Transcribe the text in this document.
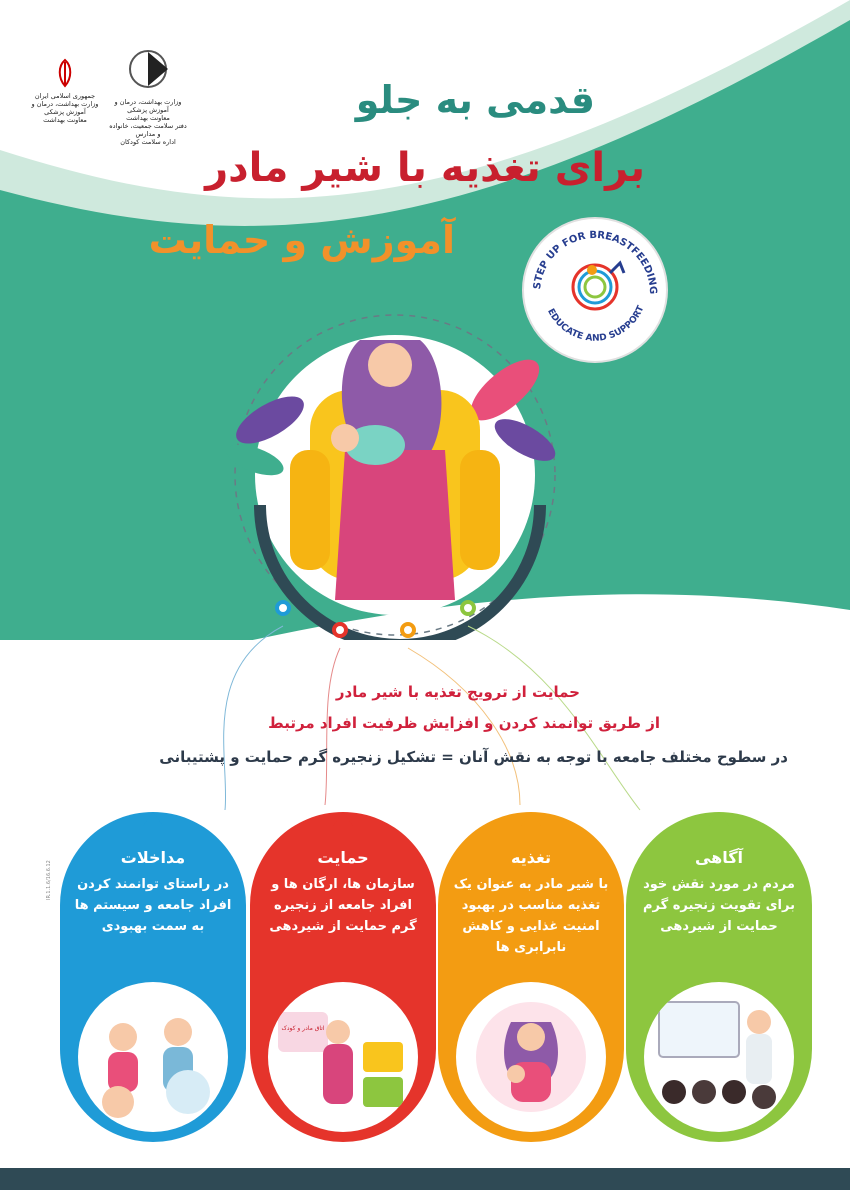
جمهوری اسلامی ایران
وزارت بهداشت، درمان و آموزش پزشکی
معاونت بهداشت
وزارت بهداشت، درمان و آموزش پزشکی
معاونت بهداشت
دفتر سلامت جمعیت، خانواده و مدارس
اداره سلامت کودکان
قدمی به جلو
برای تغذیه با شیر مادر
آموزش و حمایت
STEP UP FOR BREASTFEEDING
EDUCATE AND SUPPORT
حمایت از ترویج تغذیه با شیر مادر
از طریق توانمند کردن و افزایش ظرفیت افراد مرتبط
در سطوح مختلف جامعه با توجه به نقش آنان = تشکیل زنجیره گرم حمایت و پشتیبانی
مداخلات
در راستای توانمند کردن افراد جامعه و سیستم ها به سمت بهبودی
حمایت
سازمان ها، ارگان ها و افراد جامعه از زنجیره گرم حمایت از شیردهی
اتاق مادر و کودک
تغذیه
با شیر مادر به عنوان یک تغذیه مناسب در بهبود امنیت غذایی و کاهش نابرابری ها
آگاهی
مردم در مورد نقش خود برای تقویت زنجیره گرم حمایت از شیردهی
IR.1.1.6/16.6.12
